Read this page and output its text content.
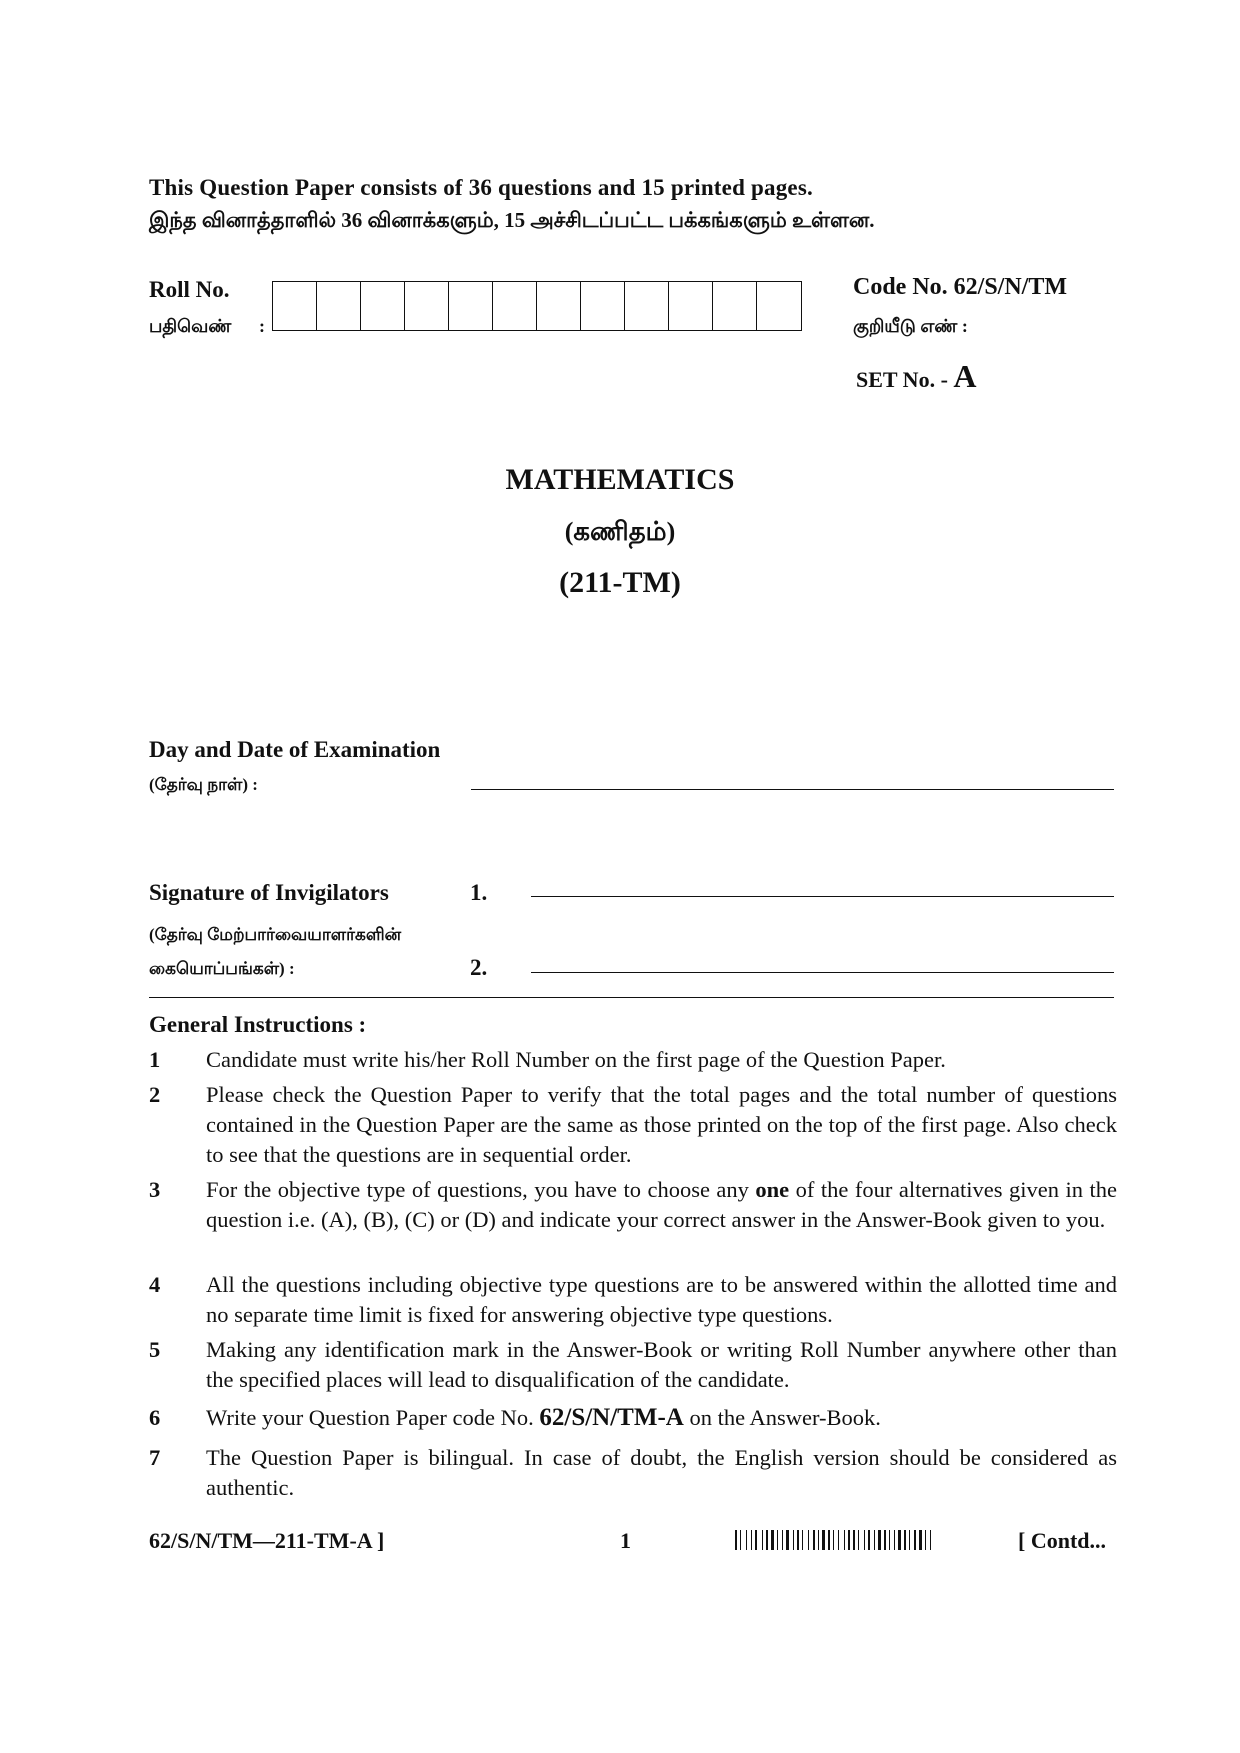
This Question Paper consists of 36 questions and 15 printed pages.
இந்த வினாத்தாளில் 36 வினாக்களும், 15 அச்சிடப்பட்ட பக்கங்களும் உள்ளன.
Roll No.
பதிவெண் :
Code No. 62/S/N/TM
குறியீடு எண் :
SET No. - A
MATHEMATICS
(கணிதம்)
(211-TM)
Day and Date of Examination
(தேர்வு நாள்) :
Signature of Invigilators
(தேர்வு மேற்பார்வையாளர்களின்
கையொப்பங்கள்) :
1.
2.
General Instructions :
1 Candidate must write his/her Roll Number on the first page of the Question Paper.
2 Please check the Question Paper to verify that the total pages and the total number of questions contained in the Question Paper are the same as those printed on the top of the first page. Also check to see that the questions are in sequential order.
3 For the objective type of questions, you have to choose any one of the four alternatives given in the question i.e. (A), (B), (C) or (D) and indicate your correct answer in the Answer-Book given to you.
4 All the questions including objective type questions are to be answered within the allotted time and no separate time limit is fixed for answering objective type questions.
5 Making any identification mark in the Answer-Book or writing Roll Number anywhere other than the specified places will lead to disqualification of the candidate.
6 Write your Question Paper code No. 62/S/N/TM-A on the Answer-Book.
7 The Question Paper is bilingual. In case of doubt, the English version should be considered as authentic.
62/S/N/TM—211-TM-A ]	1	[ Contd...
